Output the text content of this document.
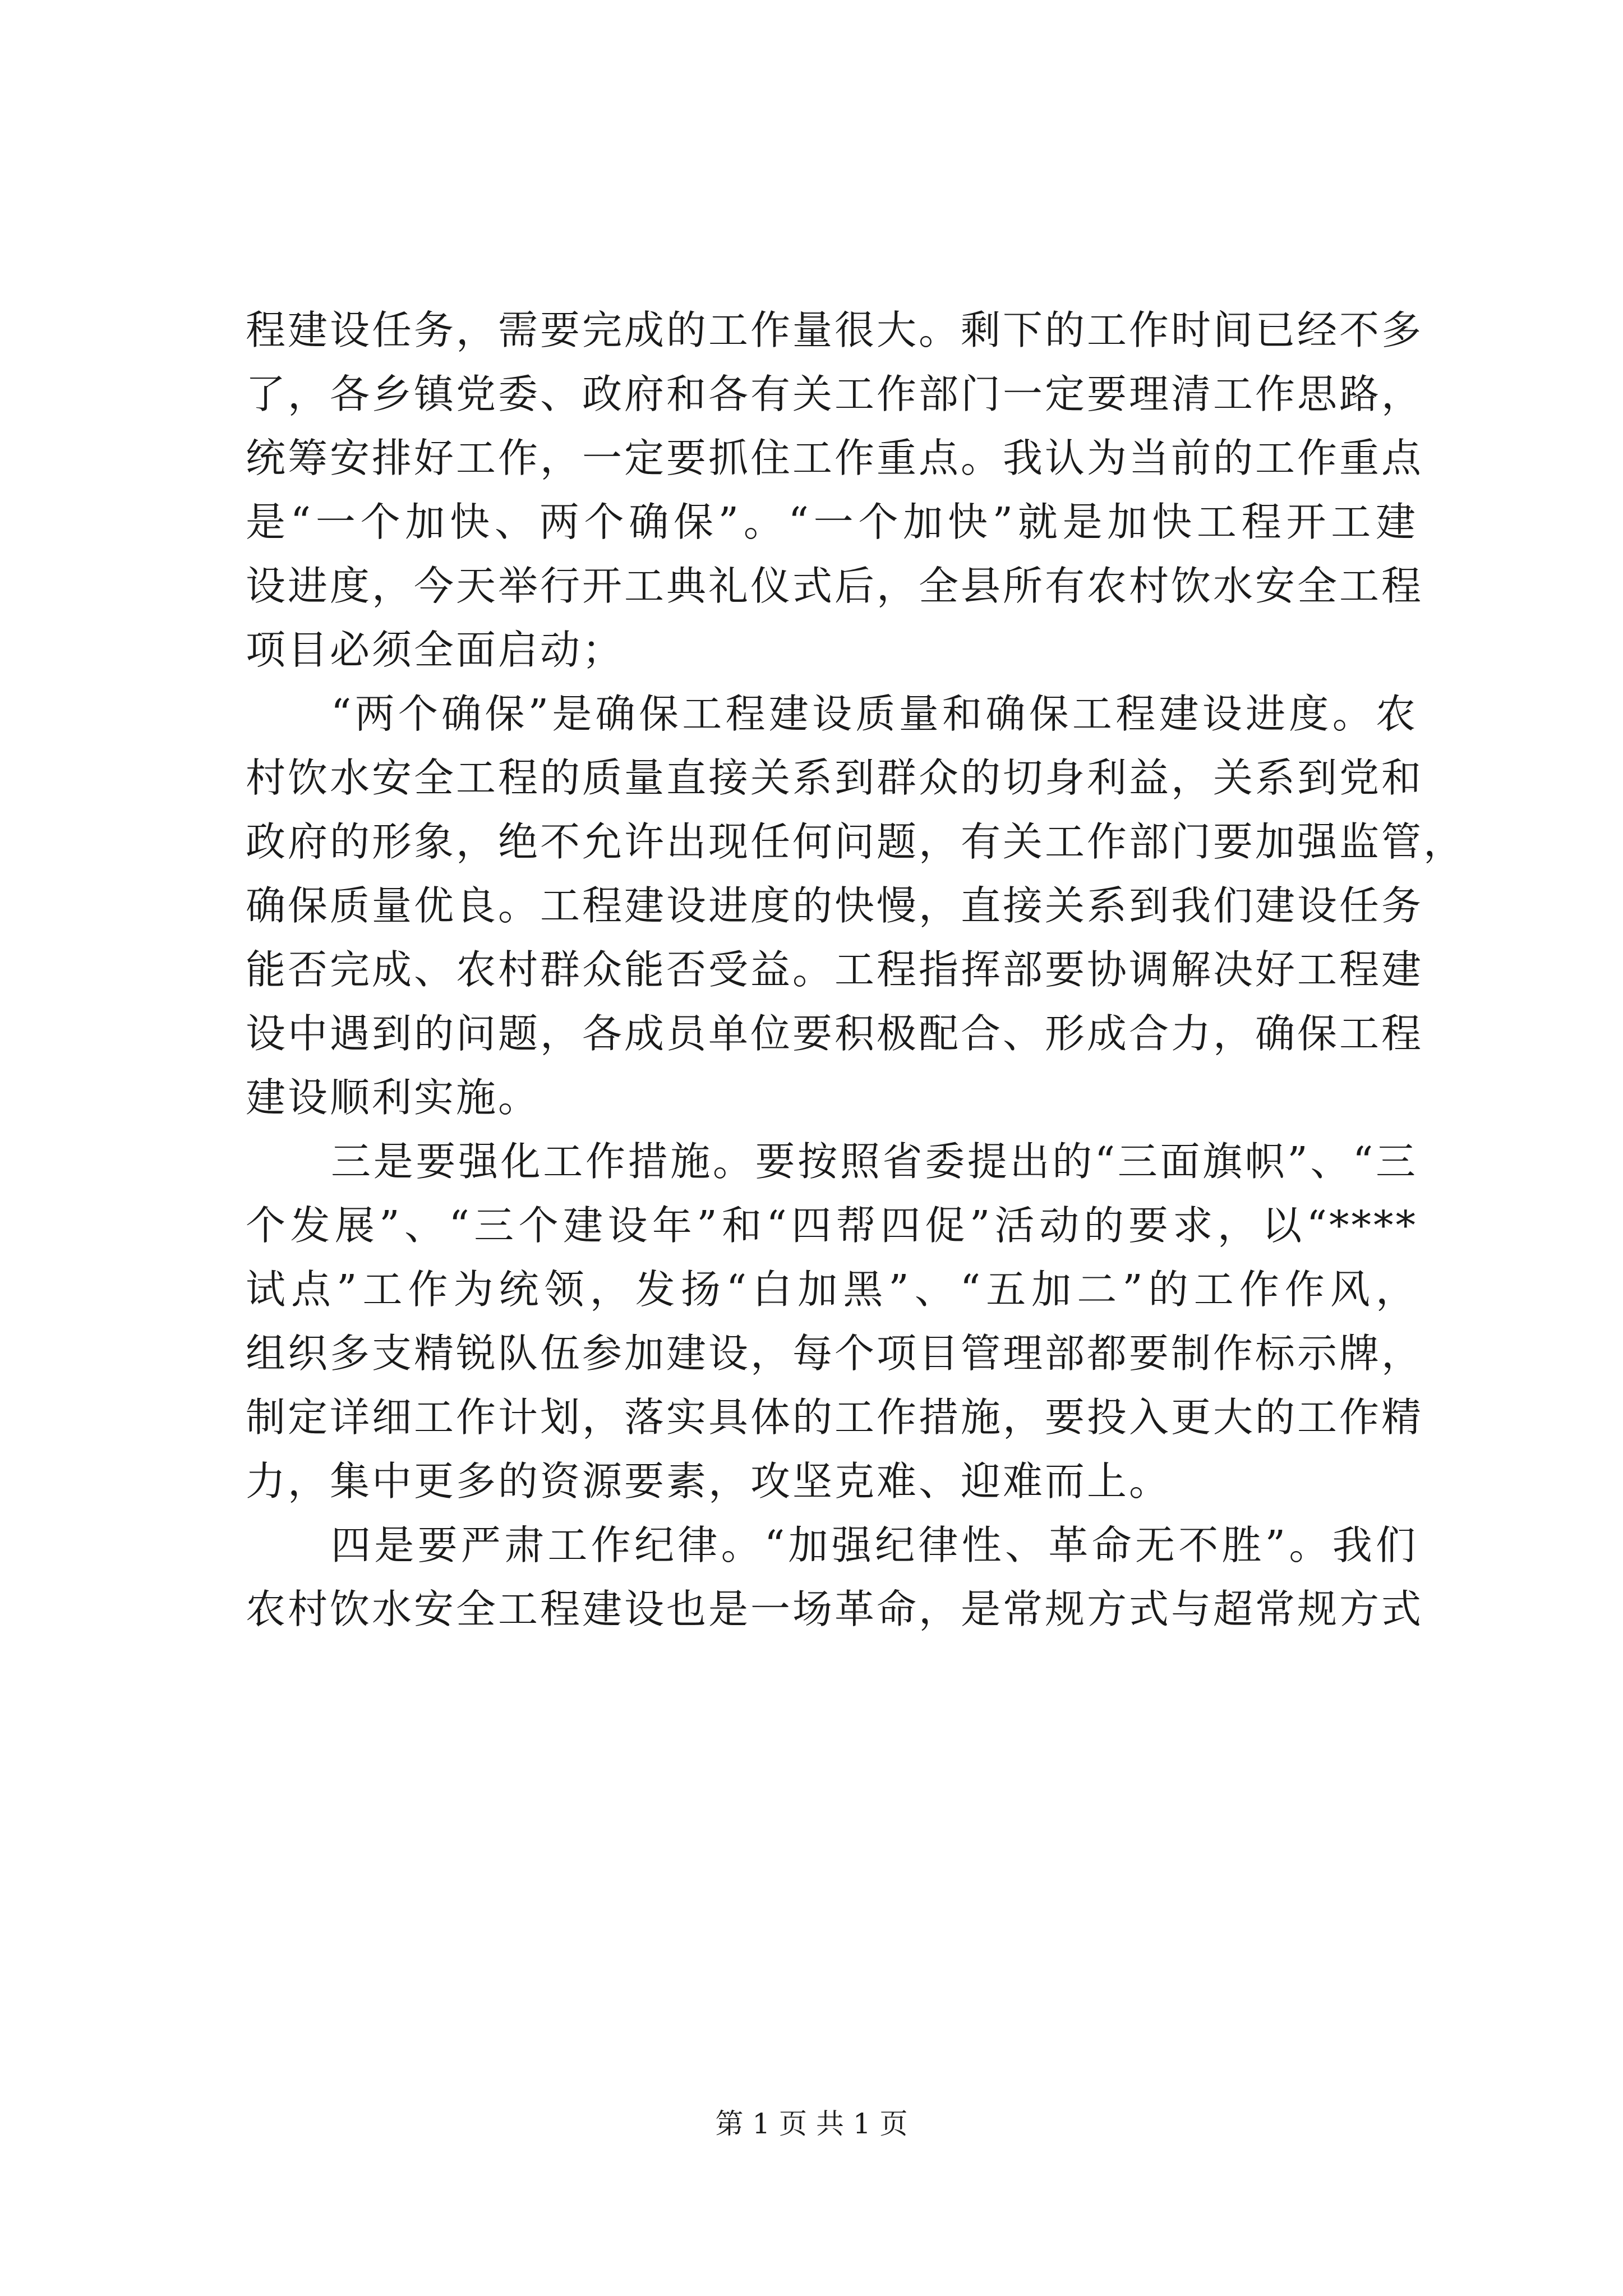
程建设任务，需要完成的工作量很大。剩下的工作时间已经不多
了，各乡镇党委、政府和各有关工作部门一定要理清工作思路，
统筹安排好工作，一定要抓住工作重点。我认为当前的工作重点
是“一个加快、两个确保”。“一个加快”就是加快工程开工建
设进度，今天举行开工典礼仪式后，全县所有农村饮水安全工程
项目必须全面启动；
“两个确保”是确保工程建设质量和确保工程建设进度。农
村饮水安全工程的质量直接关系到群众的切身利益，关系到党和
政府的形象，绝不允许出现任何问题，有关工作部门要加强监管，
确保质量优良。工程建设进度的快慢，直接关系到我们建设任务
能否完成、农村群众能否受益。工程指挥部要协调解决好工程建
设中遇到的问题，各成员单位要积极配合、形成合力，确保工程
建设顺利实施。
三是要强化工作措施。要按照省委提出的“三面旗帜”、“三
个发展”、“三个建设年”和“四帮四促”活动的要求，以“****
试点”工作为统领，发扬“白加黑”、“五加二”的工作作风，
组织多支精锐队伍参加建设，每个项目管理部都要制作标示牌，
制定详细工作计划，落实具体的工作措施，要投入更大的工作精
力，集中更多的资源要素，攻坚克难、迎难而上。
四是要严肃工作纪律。“加强纪律性、革命无不胜”。我们
农村饮水安全工程建设也是一场革命，是常规方式与超常规方式
第 1 页 共 1 页
